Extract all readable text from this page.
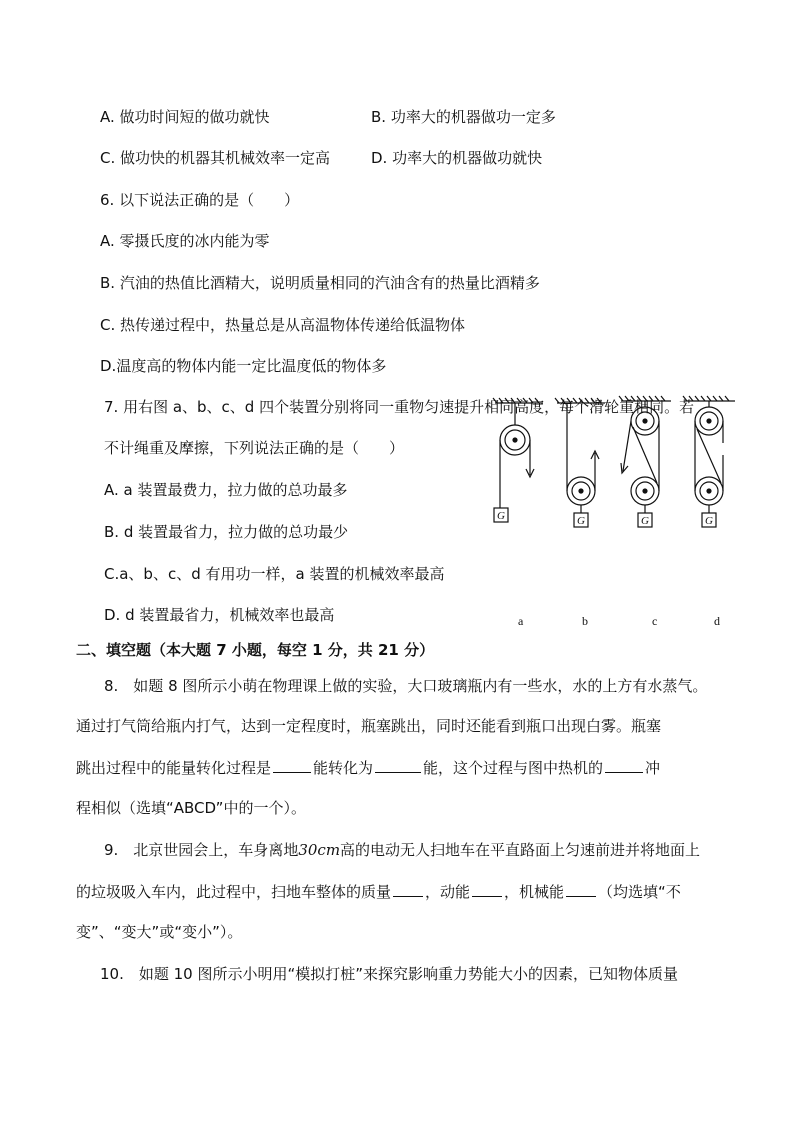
A. 做功时间短的做功就快	B. 功率大的机器做功一定多
C. 做功快的机器其机械效率一定高	D. 功率大的机器做功就快
6. 以下说法正确的是（　　）
A. 零摄氏度的冰内能为零
B. 汽油的热值比酒精大，说明质量相同的汽油含有的热量比酒精多
C. 热传递过程中，热量总是从高温物体传递给低温物体
D.温度高的物体内能一定比温度低的物体多
7. 用右图 a、b、c、d 四个装置分别将同一重物匀速提升相同高度，每个滑轮重相同。若
不计绳重及摩擦，下列说法正确的是（　　）
A. a 装置最费力，拉力做的总功最多
B. d 装置最省力，拉力做的总功最少
C.a、b、c、d 有用功一样，a 装置的机械效率最高
D. d 装置最省力，机械效率也最高
G	G	G	G
a	b	c	d
二、填空题（本大题 7 小题，每空 1 分，共 21 分）
8.　如题 8 图所示小萌在物理课上做的实验，大口玻璃瓶内有一些水，水的上方有水蒸气。
通过打气筒给瓶内打气，达到一定程度时，瓶塞跳出，同时还能看到瓶口出现白雾。瓶塞
跳出过程中的能量转化过程是	能转化为	能，这个过程与图中热机的	冲
程相似（选填“ABCD”中的一个）。
9.　北京世园会上，车身离地30cm高的电动无人扫地车在平直路面上匀速前进并将地面上
的垃圾吸入车内，此过程中，扫地车整体的质量 ，动能 ，机械能 （均选填“不
变”、“变大”或“变小”）。
10.　如题 10 图所示小明用“模拟打桩”来探究影响重力势能大小的因素，已知物体质量
